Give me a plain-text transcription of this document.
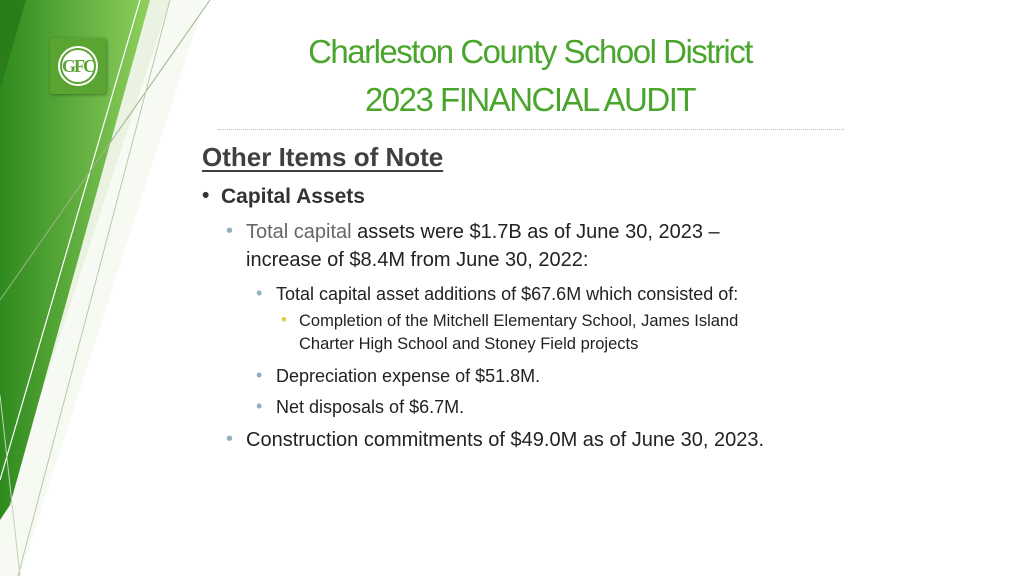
GFC	Charleston County School District
2023 FINANCIAL AUDIT
Other Items of Note
• Capital Assets
• Total capital assets were $1.7B as of June 30, 2023 –
increase of $8.4M from June 30, 2022:
• Total capital asset additions of $67.6M which consisted of:
• Completion of the Mitchell Elementary School, James Island
Charter High School and Stoney Field projects
• Depreciation expense of $51.8M.
• Net disposals of $6.7M.
• Construction commitments of $49.0M as of June 30, 2023.
